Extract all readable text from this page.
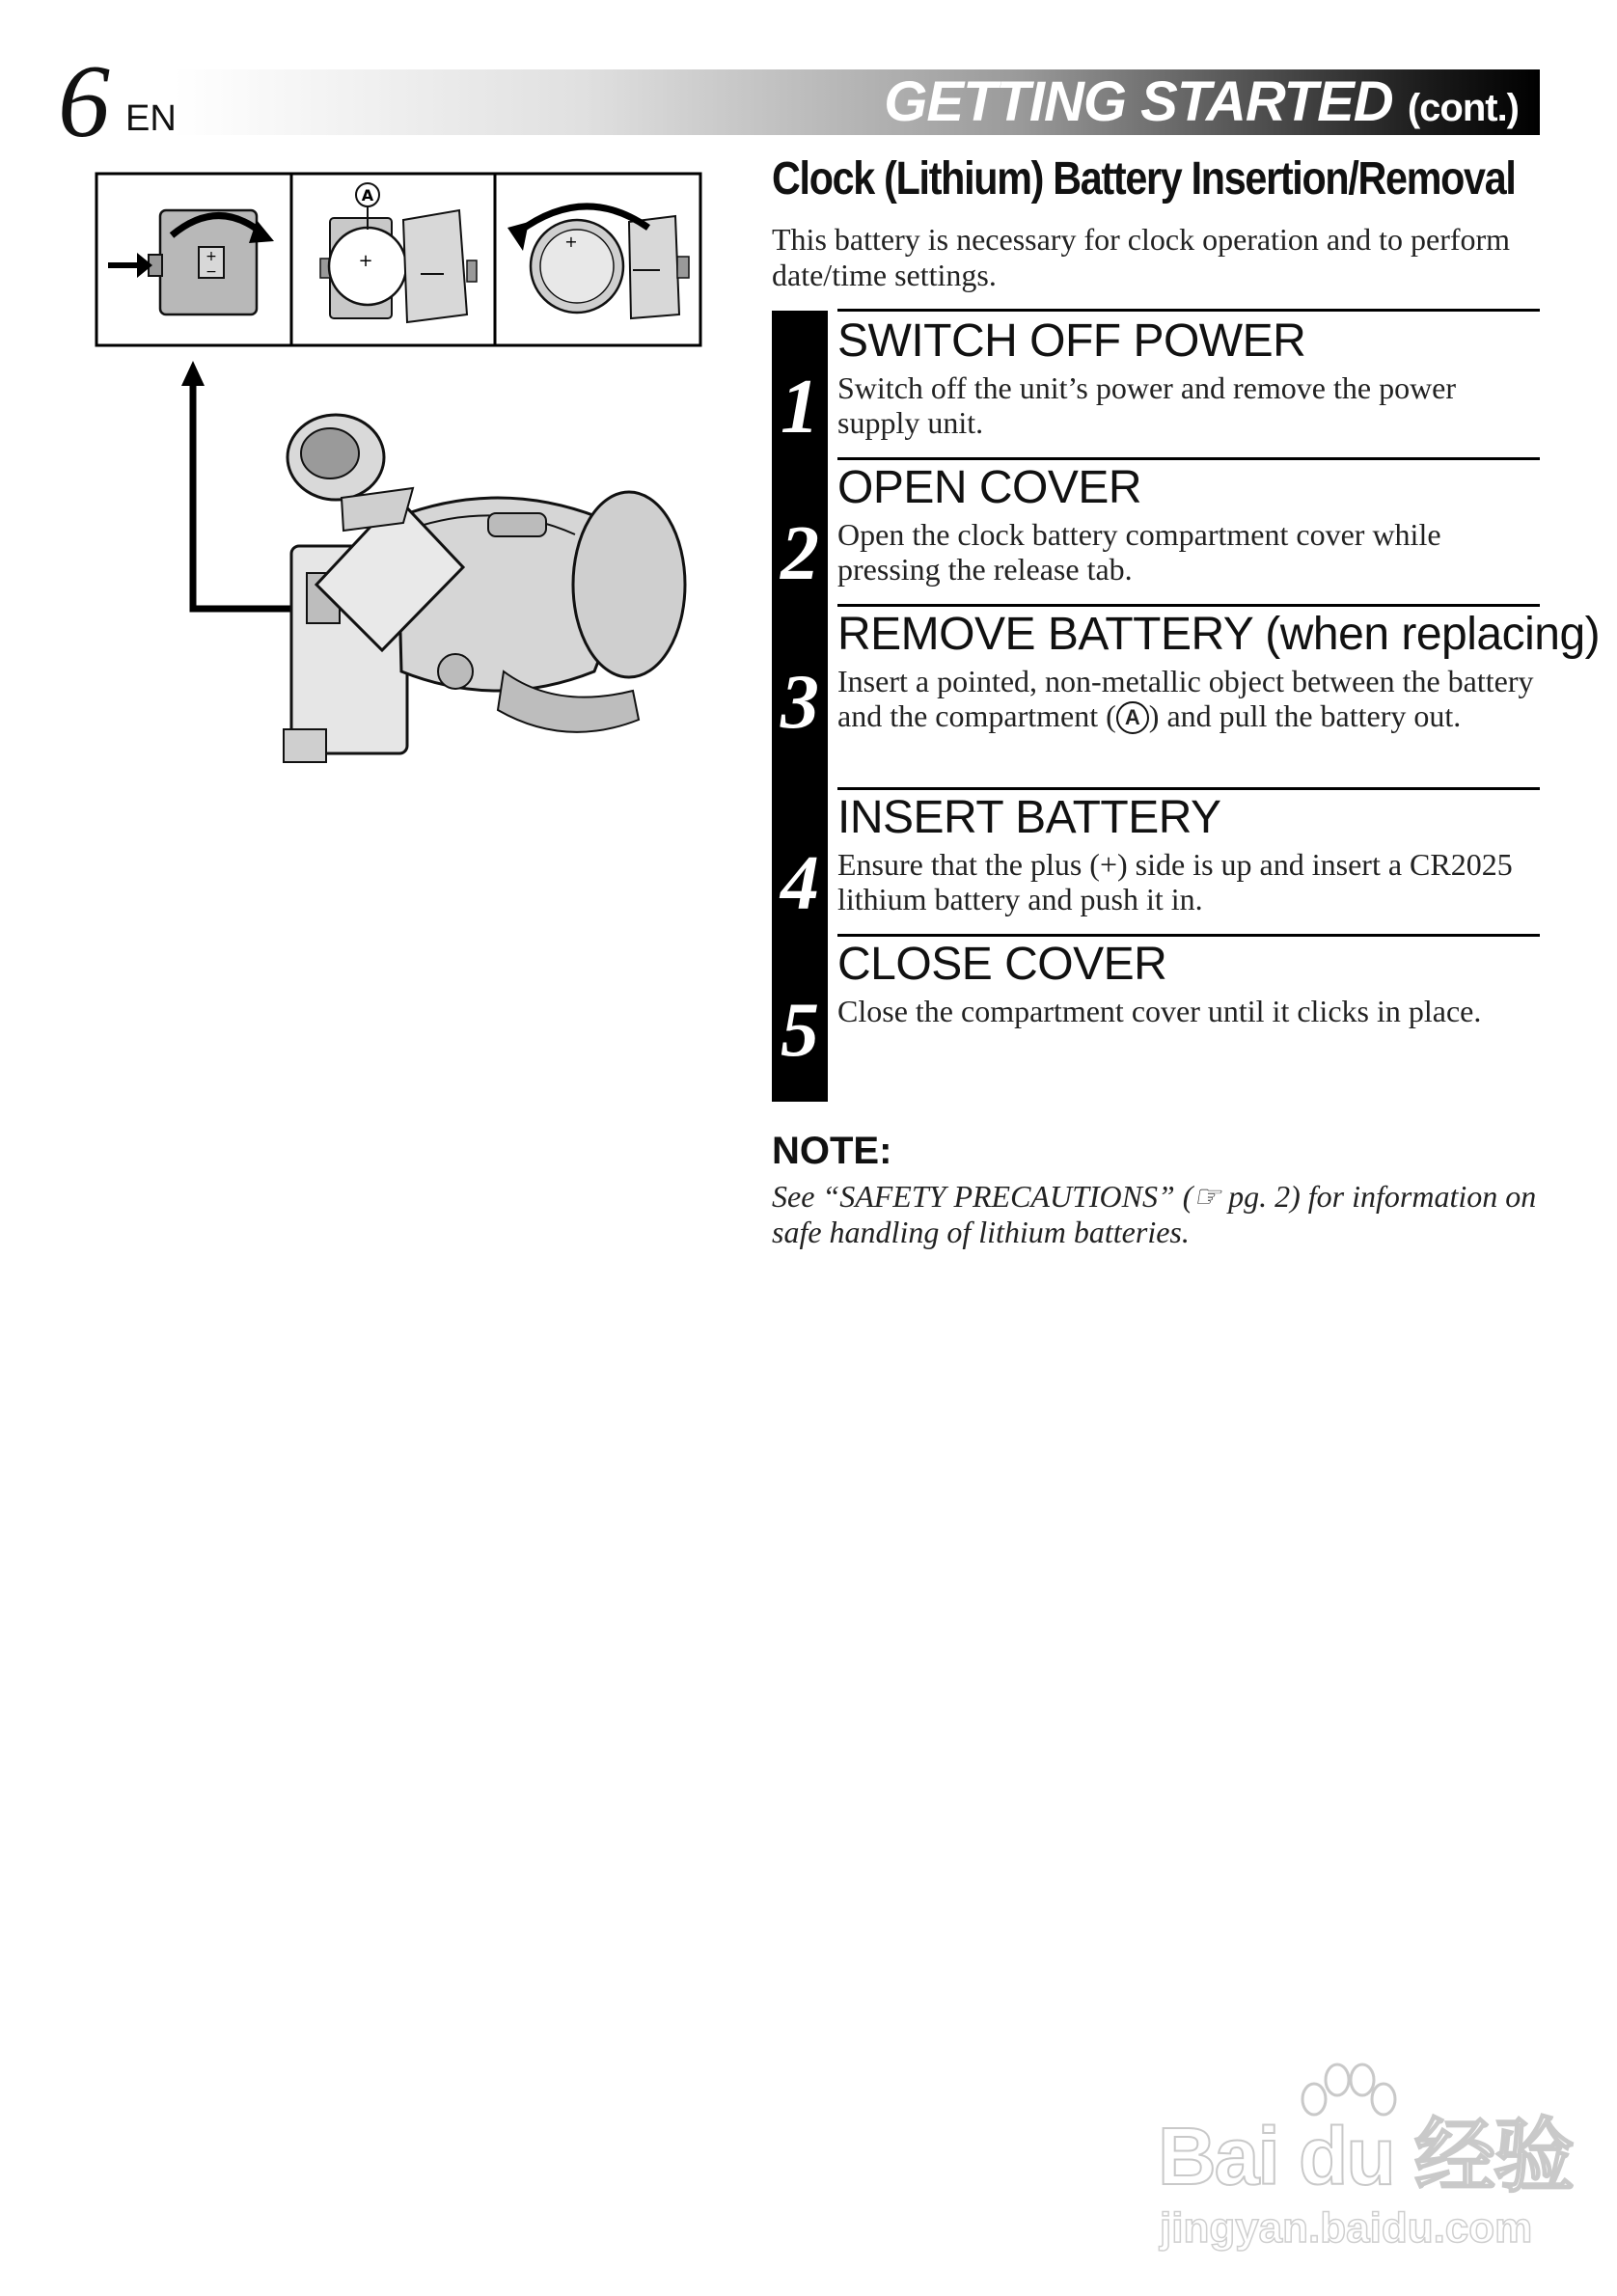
6 EN	GETTING STARTED (cont.)
+
−
+
A
+
Clock (Lithium) Battery Insertion/Removal
This battery is necessary for clock operation and to perform date/time settings.
1
SWITCH OFF POWER
Switch off the unit’s power and remove the power supply unit.
2
OPEN COVER
Open the clock battery compartment cover while pressing the release tab.
3
REMOVE BATTERY (when replacing)
Insert a pointed, non-metallic object between the battery and the compartment ( A ) and pull the battery out.
4
INSERT BATTERY
Ensure that the plus (+) side is up and insert a CR2025 lithium battery and push it in.
5
CLOSE COVER
Close the compartment cover until it clicks in place.
NOTE:
See “SAFETY PRECAUTIONS” (☞ pg. 2) for information on safe handling of lithium batteries.
Bai du 经验
jingyan.baidu.com
